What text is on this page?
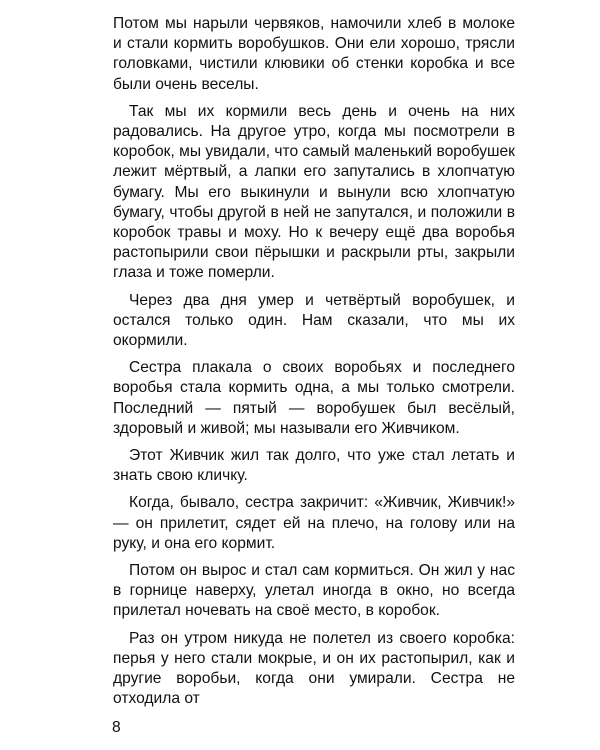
Потом мы нарыли червяков, намочили хлеб в молоке и стали кормить воробушков. Они ели хорошо, трясли головками, чистили клювики об стенки коробка и все были очень веселы.

Так мы их кормили весь день и очень на них радовались. На другое утро, когда мы посмотрели в коробок, мы увидали, что самый маленький воробушек лежит мёртвый, а лапки его запутались в хлопчатую бумагу. Мы его выкинули и вынули всю хлопчатую бумагу, чтобы другой в ней не запутался, и положили в коробок травы и моху. Но к вечеру ещё два воробья растопырили свои пёрышки и раскрыли рты, закрыли глаза и тоже померли.

Через два дня умер и четвёртый воробушек, и остался только один. Нам сказали, что мы их окормили.

Сестра плакала о своих воробьях и последнего воробья стала кормить одна, а мы только смотрели. Последний — пятый — воробушек был весёлый, здоровый и живой; мы называли его Живчиком.

Этот Живчик жил так долго, что уже стал летать и знать свою кличку.

Когда, бывало, сестра закричит: «Живчик, Живчик!» — он прилетит, сядет ей на плечо, на голову или на руку, и она его кормит.

Потом он вырос и стал сам кормиться. Он жил у нас в горнице наверху, улетал иногда в окно, но всегда прилетал ночевать на своё место, в коробок.

Раз он утром никуда не полетел из своего коробка: перья у него стали мокрые, и он их растопырил, как и другие воробьи, когда они умирали. Сестра не отходила от

8
